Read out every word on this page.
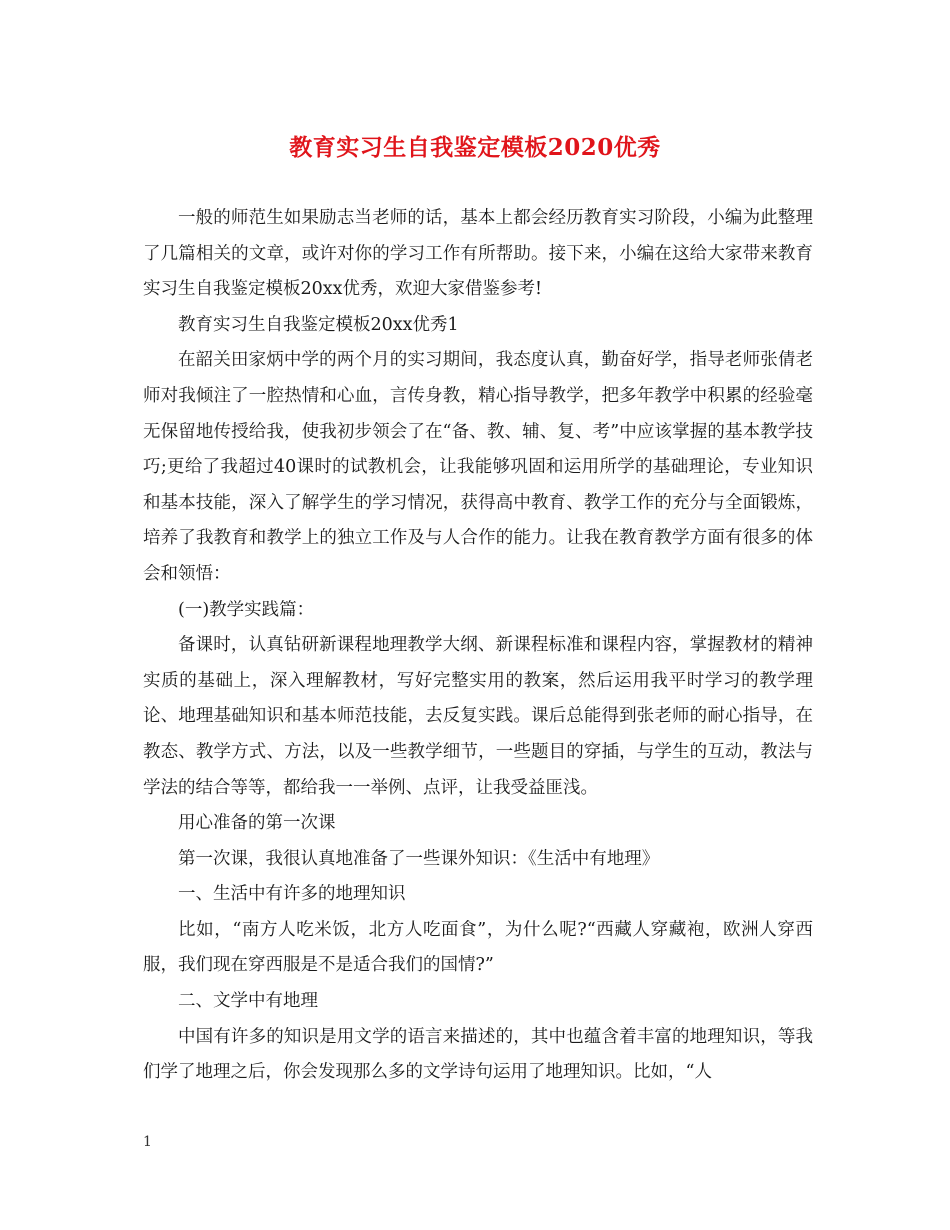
教育实习生自我鉴定模板2020优秀

一般的师范生如果励志当老师的话，基本上都会经历教育实习阶段，小编为此整理了几篇相关的文章，或许对你的学习工作有所帮助。接下来，小编在这给大家带来教育实习生自我鉴定模板20xx优秀，欢迎大家借鉴参考!

教育实习生自我鉴定模板20xx优秀1

在韶关田家炳中学的两个月的实习期间，我态度认真，勤奋好学，指导老师张倩老师对我倾注了一腔热情和心血，言传身教，精心指导教学，把多年教学中积累的经验毫无保留地传授给我，使我初步领会了在“备、教、辅、复、考”中应该掌握的基本教学技巧;更给了我超过40课时的试教机会，让我能够巩固和运用所学的基础理论，专业知识和基本技能，深入了解学生的学习情况，获得高中教育、教学工作的充分与全面锻炼，培养了我教育和教学上的独立工作及与人合作的能力。让我在教育教学方面有很多的体会和领悟：

(一)教学实践篇：

备课时，认真钻研新课程地理教学大纲、新课程标准和课程内容，掌握教材的精神实质的基础上，深入理解教材，写好完整实用的教案，然后运用我平时学习的教学理论、地理基础知识和基本师范技能，去反复实践。课后总能得到张老师的耐心指导，在教态、教学方式、方法，以及一些教学细节，一些题目的穿插，与学生的互动，教法与学法的结合等等，都给我一一举例、点评，让我受益匪浅。

用心准备的第一次课

第一次课，我很认真地准备了一些课外知识：《生活中有地理》

一、生活中有许多的地理知识

比如，“南方人吃米饭，北方人吃面食”，为什么呢?“西藏人穿藏袍，欧洲人穿西服，我们现在穿西服是不是适合我们的国情?”

二、文学中有地理

中国有许多的知识是用文学的语言来描述的，其中也蕴含着丰富的地理知识，等我们学了地理之后，你会发现那么多的文学诗句运用了地理知识。比如，“人

1
